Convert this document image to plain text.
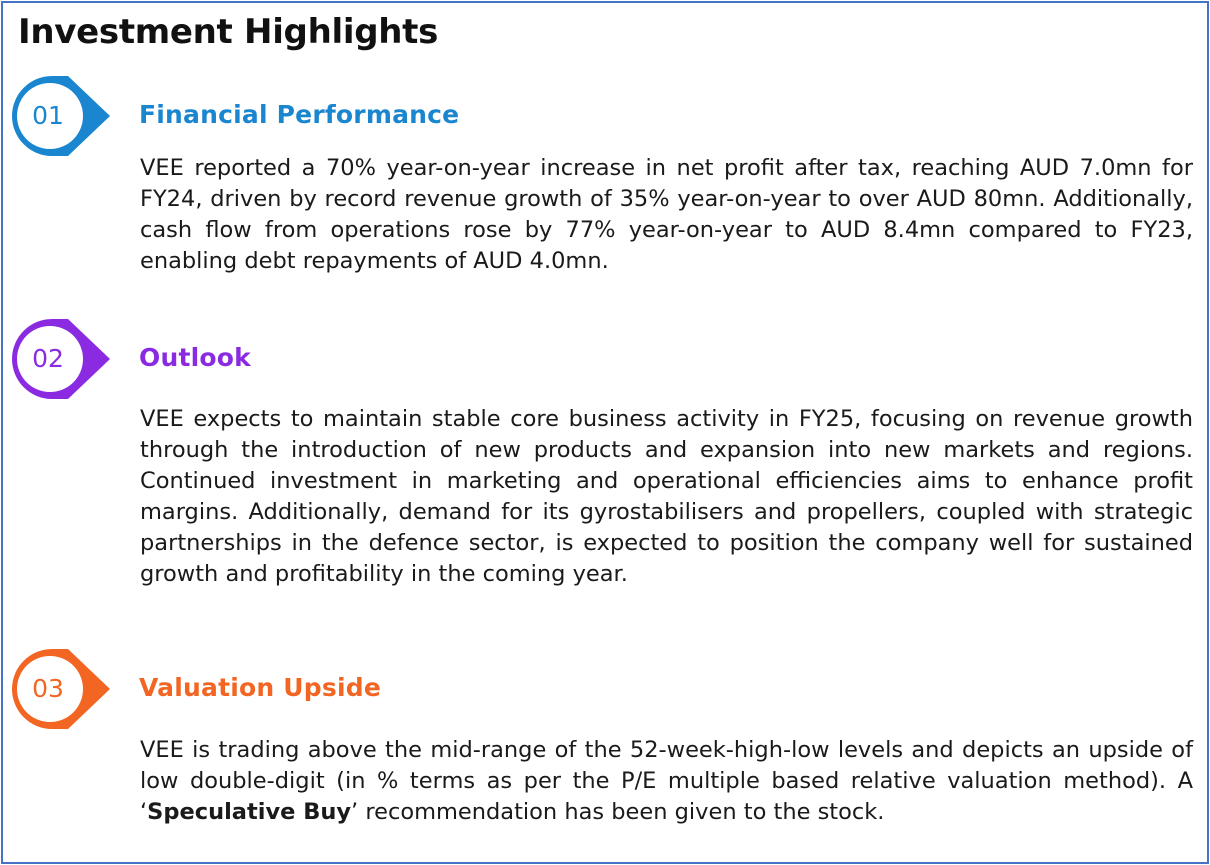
Investment Highlights
01	Financial Performance

VEE reported a 70% year-on-year increase in net profit after tax, reaching AUD 7.0mn for FY24, driven by record revenue growth of 35% year-on-year to over AUD 80mn. Additionally, cash flow from operations rose by 77% year-on-year to AUD 8.4mn compared to FY23, enabling debt repayments of AUD 4.0mn.

02	Outlook

VEE expects to maintain stable core business activity in FY25, focusing on revenue growth through the introduction of new products and expansion into new markets and regions. Continued investment in marketing and operational efficiencies aims to enhance profit margins. Additionally, demand for its gyrostabilisers and propellers, coupled with strategic partnerships in the defence sector, is expected to position the company well for sustained growth and profitability in the coming year.

03	Valuation Upside

VEE is trading above the mid-range of the 52-week-high-low levels and depicts an upside of low double-digit (in % terms as per the P/E multiple based relative valuation method). A ‘Speculative Buy’ recommendation has been given to the stock.
